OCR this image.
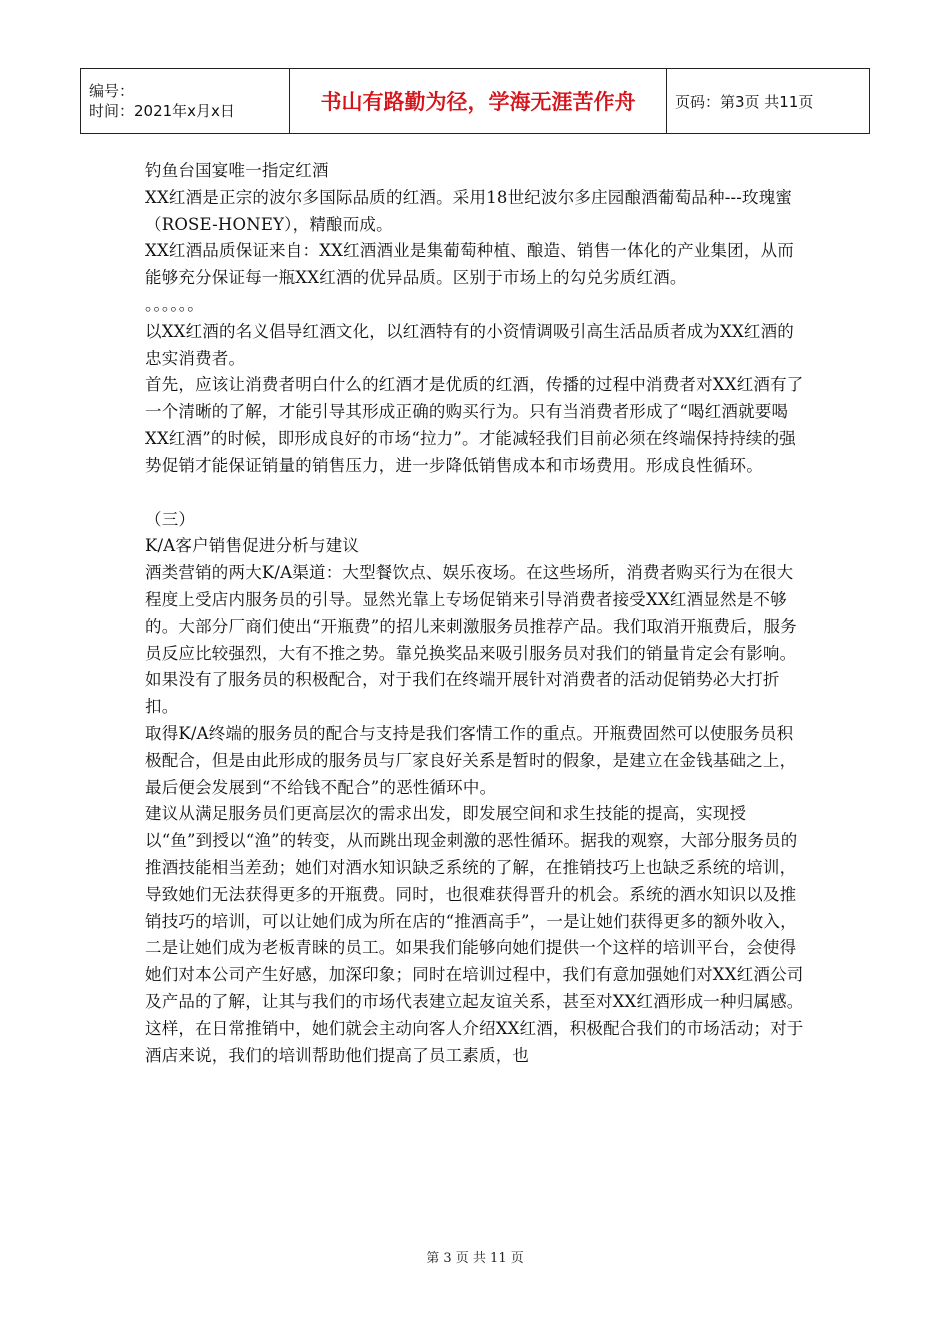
编号：
时间：2021年x月x日	书山有路勤为径，学海无涯苦作舟	页码：第3页 共11页

钓鱼台国宴唯一指定红酒

XX红酒是正宗的波尔多国际品质的红酒。采用18世纪波尔多庄园酿酒葡萄品种---玫瑰蜜（ROSE-HONEY），精酿而成。

XX红酒品质保证来自：XX红酒酒业是集葡萄种植、酿造、销售一体化的产业集团，从而能够充分保证每一瓶XX红酒的优异品质。区别于市场上的勾兑劣质红酒。

。。。。。。

以XX红酒的名义倡导红酒文化，以红酒特有的小资情调吸引高生活品质者成为XX红酒的忠实消费者。

首先，应该让消费者明白什么的红酒才是优质的红酒，传播的过程中消费者对XX红酒有了一个清晰的了解，才能引导其形成正确的购买行为。只有当消费者形成了“喝红酒就要喝XX红酒”的时候，即形成良好的市场“拉力”。才能减轻我们目前必须在终端保持持续的强势促销才能保证销量的销售压力，进一步降低销售成本和市场费用。形成良性循环。

（三）

K/A客户销售促进分析与建议

酒类营销的两大K/A渠道：大型餐饮点、娱乐夜场。在这些场所，消费者购买行为在很大程度上受店内服务员的引导。显然光靠上专场促销来引导消费者接受XX红酒显然是不够的。大部分厂商们使出“开瓶费”的招儿来刺激服务员推荐产品。我们取消开瓶费后，服务员反应比较强烈，大有不推之势。靠兑换奖品来吸引服务员对我们的销量肯定会有影响。如果没有了服务员的积极配合，对于我们在终端开展针对消费者的活动促销势必大打折扣。

取得K/A终端的服务员的配合与支持是我们客情工作的重点。开瓶费固然可以使服务员积极配合，但是由此形成的服务员与厂家良好关系是暂时的假象，是建立在金钱基础之上，最后便会发展到“不给钱不配合”的恶性循环中。

建议从满足服务员们更高层次的需求出发，即发展空间和求生技能的提高，实现授以“鱼”到授以“渔”的转变，从而跳出现金刺激的恶性循环。据我的观察，大部分服务员的推酒技能相当差劲；她们对酒水知识缺乏系统的了解，在推销技巧上也缺乏系统的培训，导致她们无法获得更多的开瓶费。同时，也很难获得晋升的机会。系统的酒水知识以及推销技巧的培训，可以让她们成为所在店的“推酒高手”，一是让她们获得更多的额外收入，二是让她们成为老板青睐的员工。如果我们能够向她们提供一个这样的培训平台，会使得她们对本公司产生好感，加深印象；同时在培训过程中，我们有意加强她们对XX红酒公司及产品的了解，让其与我们的市场代表建立起友谊关系，甚至对XX红酒形成一种归属感。这样，在日常推销中，她们就会主动向客人介绍XX红酒，积极配合我们的市场活动；对于酒店来说，我们的培训帮助他们提高了员工素质，也

第 3 页 共 11 页
